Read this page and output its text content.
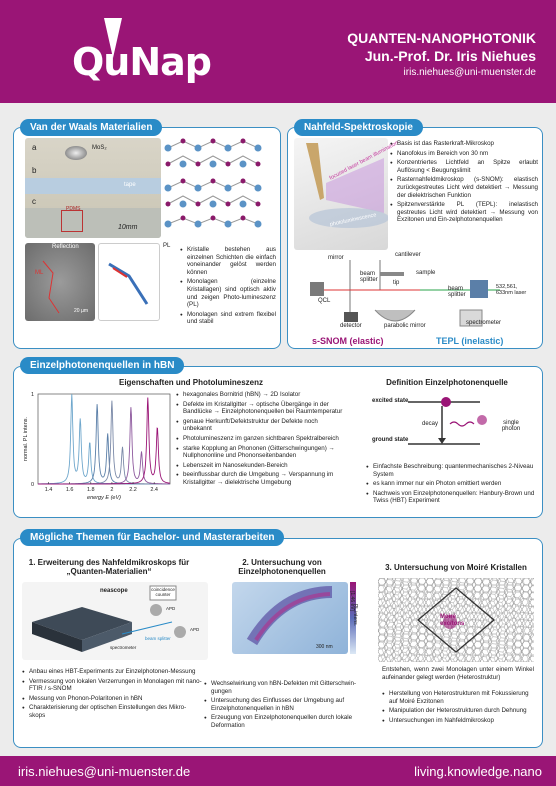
QuNap
QUANTEN-NANOPHOTONIK
Jun.-Prof. Dr. Iris Niehues
iris.niehues@uni-muenster.de
Van der Waals Materialien
a
b
c
MoS₂
tape
PDMS
10mm
Reflection
ML
20 µm
PL
●	Kristalle bestehen aus einzelnen Schichten die einfach voneinander gelöst werden können
● Monolagen (einzelne Kristallagen) sind optisch aktiv und zeigen Photo-lumineszenz (PL)
● Monolagen sind extrem flexibel und stabil
Nahfeld-Spektroskopie
focused laser beam illumination
photoluminescence
● Basis ist das Rasterkraft-Mikroskop
● Nanofokus im Bereich von 30 nm
● Konzentriertes Lichtfeld an Spitze erlaubt Auflösung < Beugungslimit
● Rasternahfeldmikroskop (s-SNOM): elastisch zurückgestreutes Licht wird detektiert → Messung der dielektrischen Funktion
● Spitzenverstärkte PL (TEPL): inelastisch gestreutes Licht wird detektiert → Messung von Exzitonen und Ein-zelphotonenquellen
mirror	cantilever
beam splitter	tip
sample
beam splitter
532,561, 633nm laser
QCL
detector	parabolic mirror	spectrometer
s-SNOM (elastic)	TEPL (inelastic)
Einzelphotonenquellen in hBN
Eigenschaften und Photolumineszenz
1.4 1.6 1.8	2	2.2 2.4
0
1
energy E (eV)
normal. PL intens.
● hexagonales Bornitrid (hBN) → 2D Isolator
● Defekte im Kristallgitter → optische Übergänge in der Bandlücke → Einzelphotonenquellen bei Raumtemperatur
● genaue Herkunft/Defektstruktur der Defekte noch unbekannt
● Photolumineszenz im ganzen sichtbaren Spektralbereich
● starke Kopplung an Phononen (Gitterschwingungen) → Nullphononline und Phononseitenbanden
● Lebenszeit im Nanosekunden-Bereich
● beeinflussbar durch die Umgebung → Verspannung im Kristallgitter → dielektrische Umgebung
Definition Einzelphotonenquelle
excited state
decay	single photon
ground state
● Einfachste Beschreibung: quantenmechanisches 2-Niveau System
● es kann immer nur ein Photon emittiert werden
● Nachweis von Einzelphotonenquellen: Hanbury-Brown und Twiss (HBT) Experiment
Mögliche Themen für Bachelor- und Masterarbeiten
1. Erweiterung des Nahfeldmikroskops für „Quanten-Materialien“
neascope	coincidence counter
APD
APD
beam splitter
spectrometer
● Anbau eines HBT-Experiments zur Einzelphotonen-Messung
● Vermessung von lokalen Verzerrungen in Monolagen mit nano-FTIR / s-SNOM
● Messung von Phonon-Polaritonen in hBN
● Charakterisierung der optischen Einstellungen des Mikro-skops
2. Untersuchung von Einzelphotonenquellen
300 nm
PL intens.
[1.46 eV]
● Wechselwirkung von hBN-Defekten mit Gitterschwin-gungen
● Untersuchung des Einflusses der Umgebung auf Einzelphotonenquellen in hBN
● Erzeugung von Einzelphotonenquellen durch lokale Deformation
3. Untersuchung von Moiré Kristallen
Moiré excitons
Entstehen, wenn zwei Monolagen unter einem Winkel aufeinander gelegt werden (Heterostruktur)
● Herstellung von Heterostrukturen mit Fokussierung auf Moiré Exzitonen
● Manipulation der Heterostrukturen durch Dehnung
● Untersuchungen im Nahfeldmikroskop
iris.niehues@uni-muenster.de	living.knowledge.nano
